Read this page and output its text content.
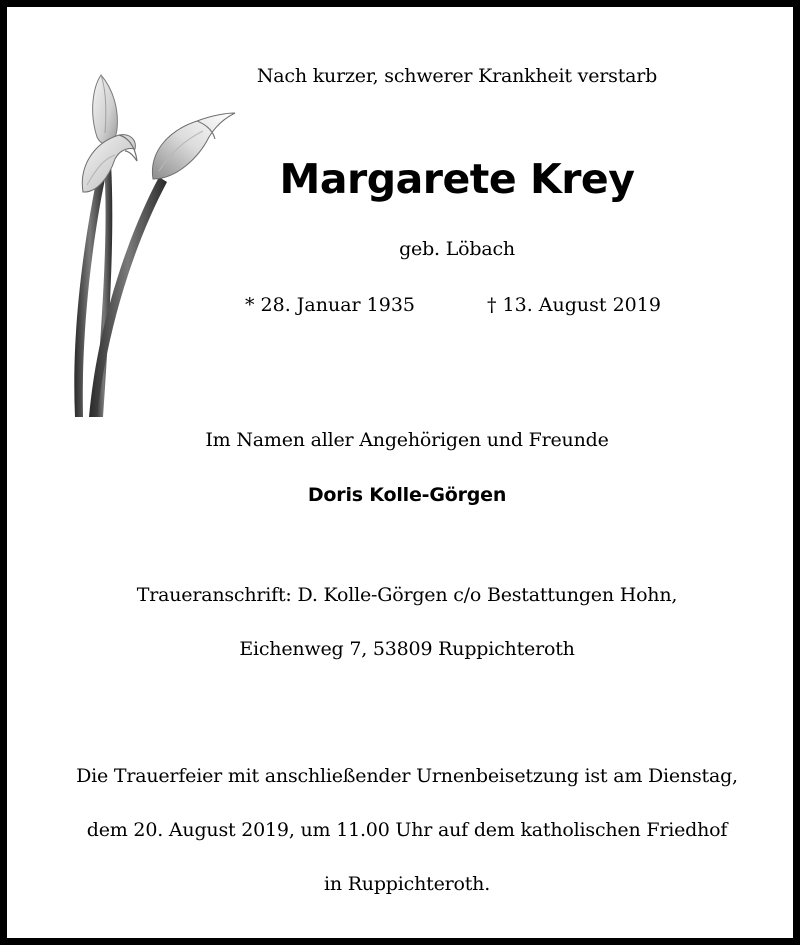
Nach kurzer, schwerer Krankheit verstarb
Margarete Krey
geb. Löbach
* 28. Januar 1935	† 13. August 2019
Im Namen aller Angehörigen und Freunde
Doris Kolle-Görgen
Traueranschrift: D. Kolle-Görgen c/o Bestattungen Hohn,
Eichenweg 7, 53809 Ruppichteroth
Die Trauerfeier mit anschließender Urnenbeisetzung ist am Dienstag,
dem 20. August 2019, um 11.00 Uhr auf dem katholischen Friedhof
in Ruppichteroth.
